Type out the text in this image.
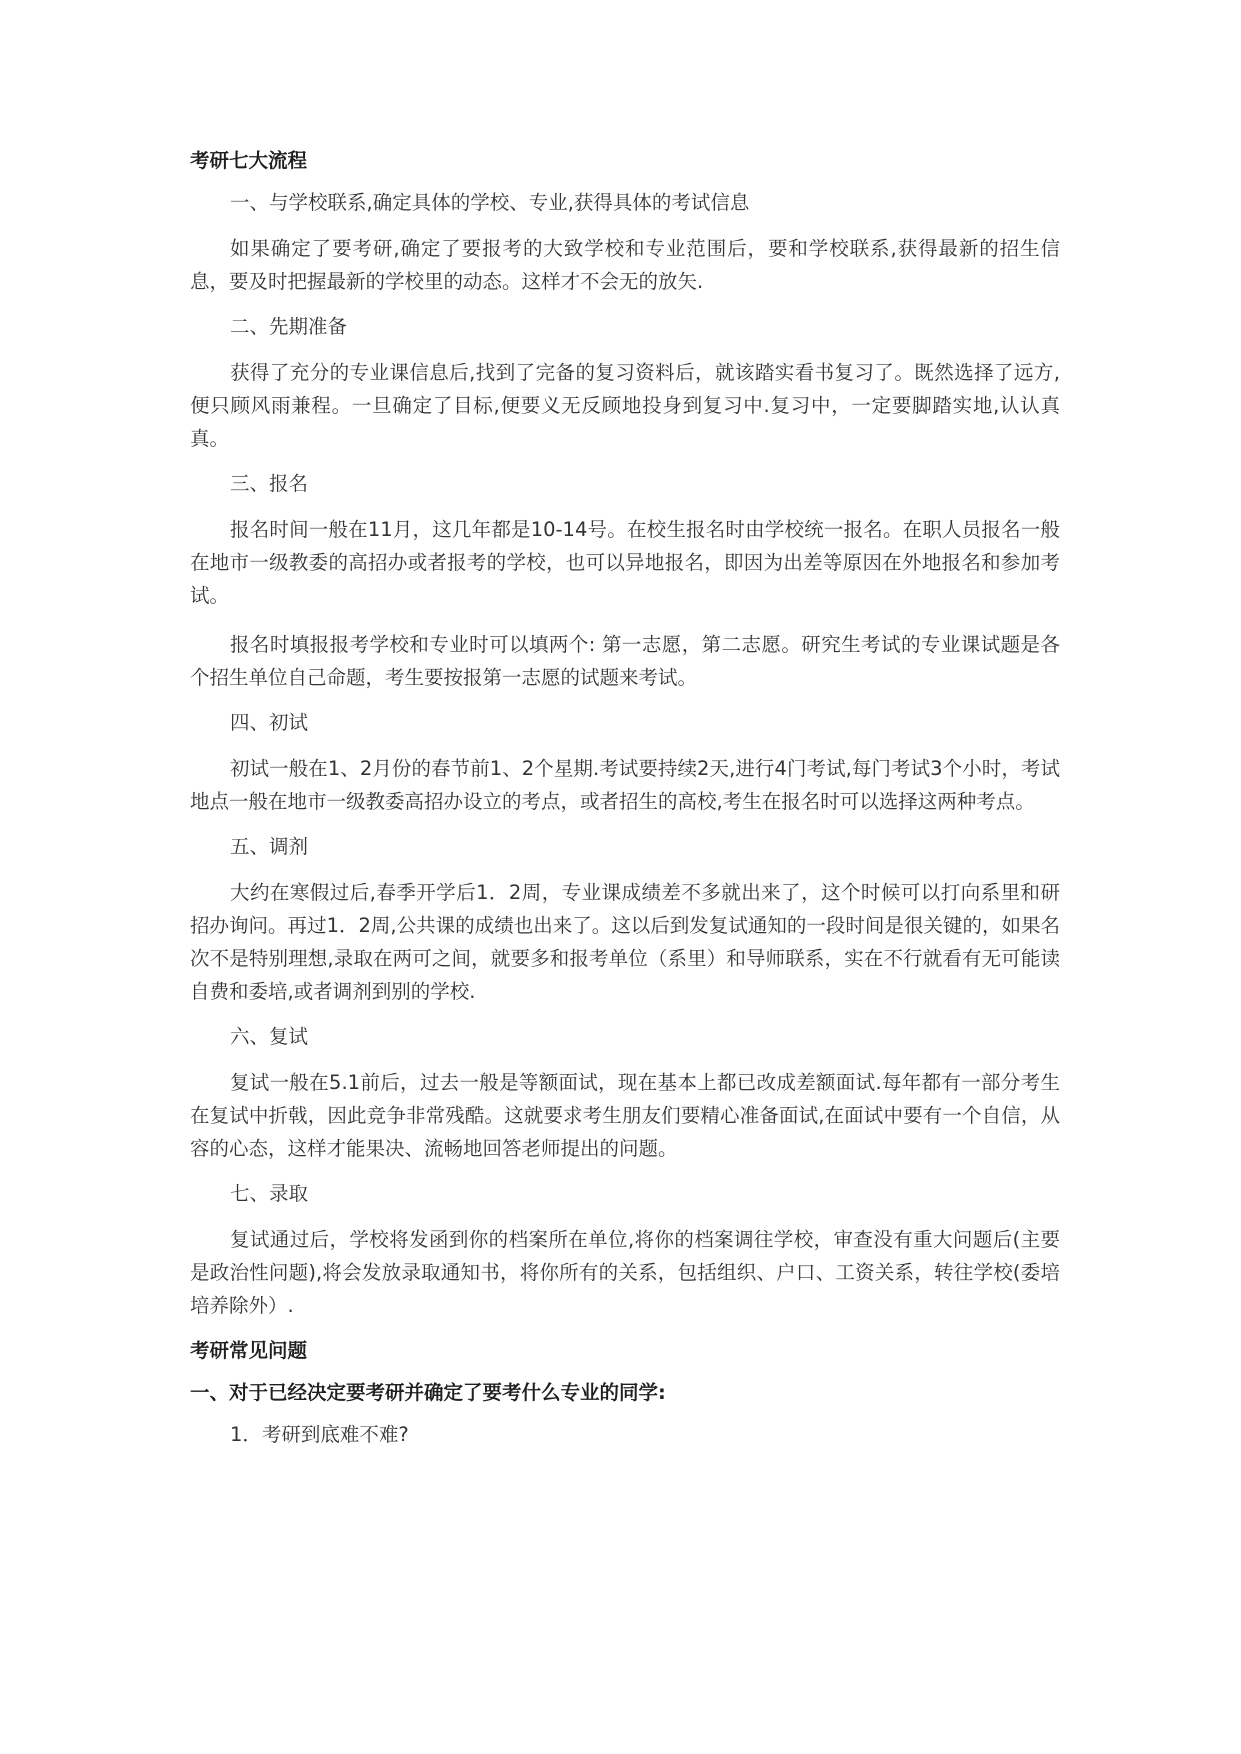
考研七大流程
一、与学校联系,确定具体的学校、专业,获得具体的考试信息

如果确定了要考研,确定了要报考的大致学校和专业范围后，要和学校联系,获得最新的招生信息，要及时把握最新的学校里的动态。这样才不会无的放矢.

二、先期准备

获得了充分的专业课信息后,找到了完备的复习资料后，就该踏实看书复习了。既然选择了远方,便只顾风雨兼程。一旦确定了目标,便要义无反顾地投身到复习中.复习中，一定要脚踏实地,认认真真。

三、报名

报名时间一般在11月，这几年都是10-14号。在校生报名时由学校统一报名。在职人员报名一般在地市一级教委的高招办或者报考的学校，也可以异地报名，即因为出差等原因在外地报名和参加考试。

报名时填报报考学校和专业时可以填两个: 第一志愿，第二志愿。研究生考试的专业课试题是各个招生单位自己命题，考生要按报第一志愿的试题来考试。

四、初试

初试一般在1、2月份的春节前1、2个星期.考试要持续2天,进行4门考试,每门考试3个小时，考试地点一般在地市一级教委高招办设立的考点，或者招生的高校,考生在报名时可以选择这两种考点。

五、调剂

大约在寒假过后,春季开学后1．2周，专业课成绩差不多就出来了，这个时候可以打向系里和研招办询问。再过1．2周,公共课的成绩也出来了。这以后到发复试通知的一段时间是很关键的，如果名次不是特别理想,录取在两可之间，就要多和报考单位（系里）和导师联系，实在不行就看有无可能读自费和委培,或者调剂到别的学校.

六、复试

复试一般在5.1前后，过去一般是等额面试，现在基本上都已改成差额面试.每年都有一部分考生在复试中折戟，因此竞争非常残酷。这就要求考生朋友们要精心准备面试,在面试中要有一个自信，从容的心态，这样才能果决、流畅地回答老师提出的问题。

七、录取

复试通过后，学校将发函到你的档案所在单位,将你的档案调往学校，审查没有重大问题后(主要是政治性问题),将会发放录取通知书，将你所有的关系，包括组织、户口、工资关系，转往学校(委培培养除外）.

考研常见问题
一、对于已经决定要考研并确定了要考什么专业的同学:
1．考研到底难不难?
